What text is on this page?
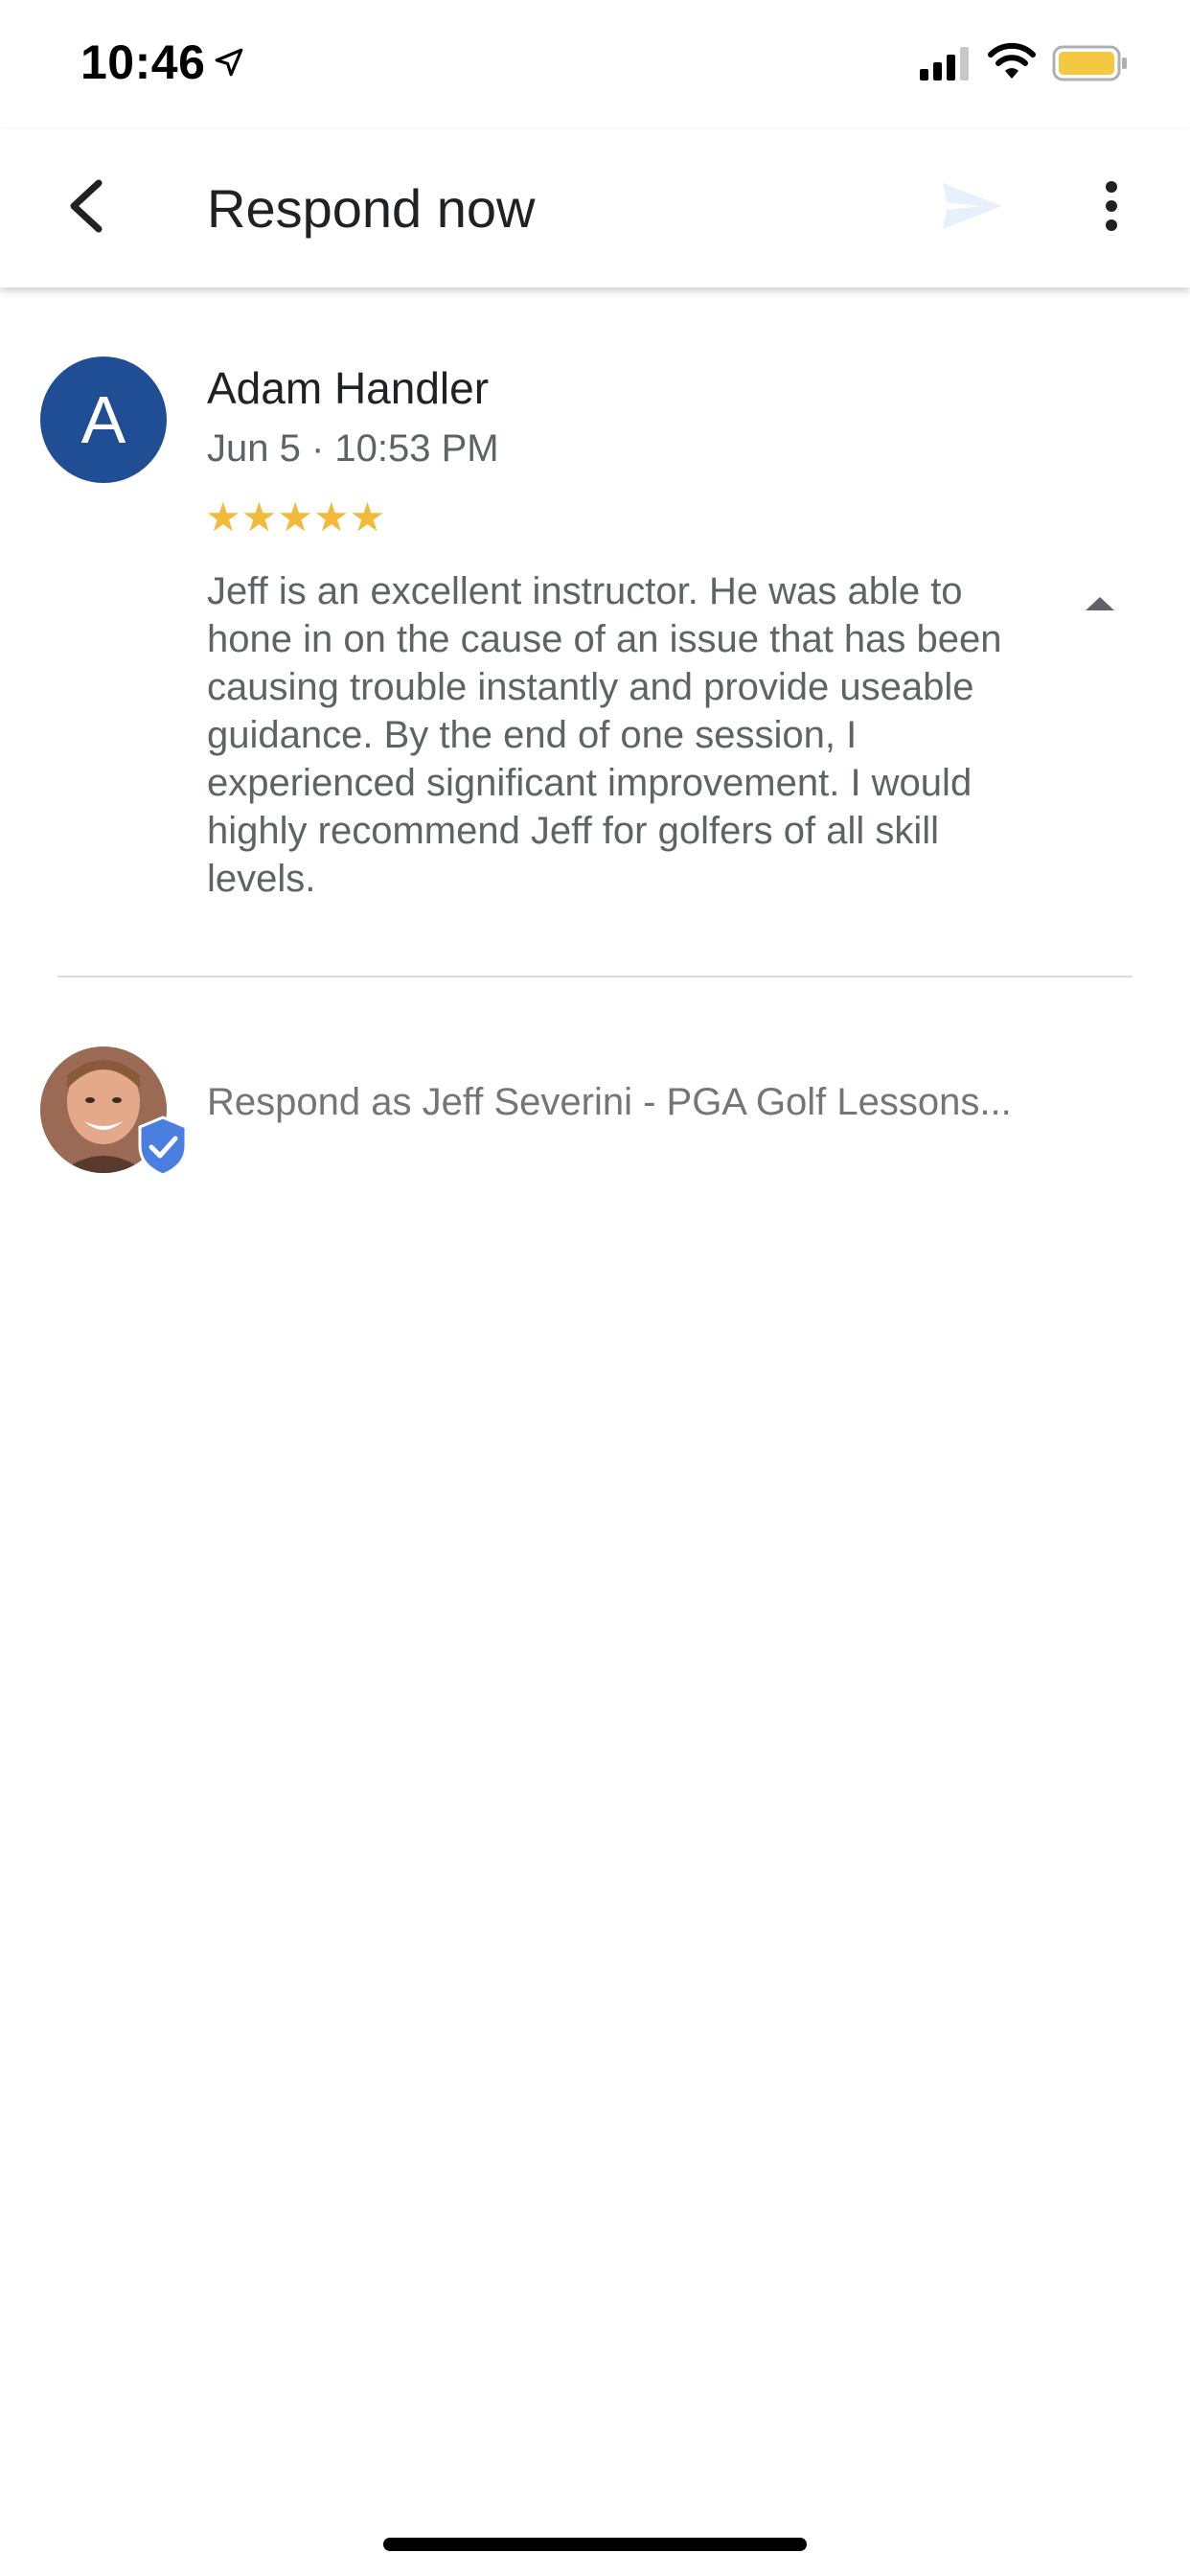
10:46
Respond now
A	Adam Handler
Jun 5 · 10:53 PM
★ ★ ★ ★ ★
Jeff is an excellent instructor. He was able to hone in on the cause of an issue that has been causing trouble instantly and provide useable guidance. By the end of one session, I experienced significant improvement. I would highly recommend Jeff for golfers of all skill levels.
Respond as Jeff Severini - PGA Golf Lessons...
